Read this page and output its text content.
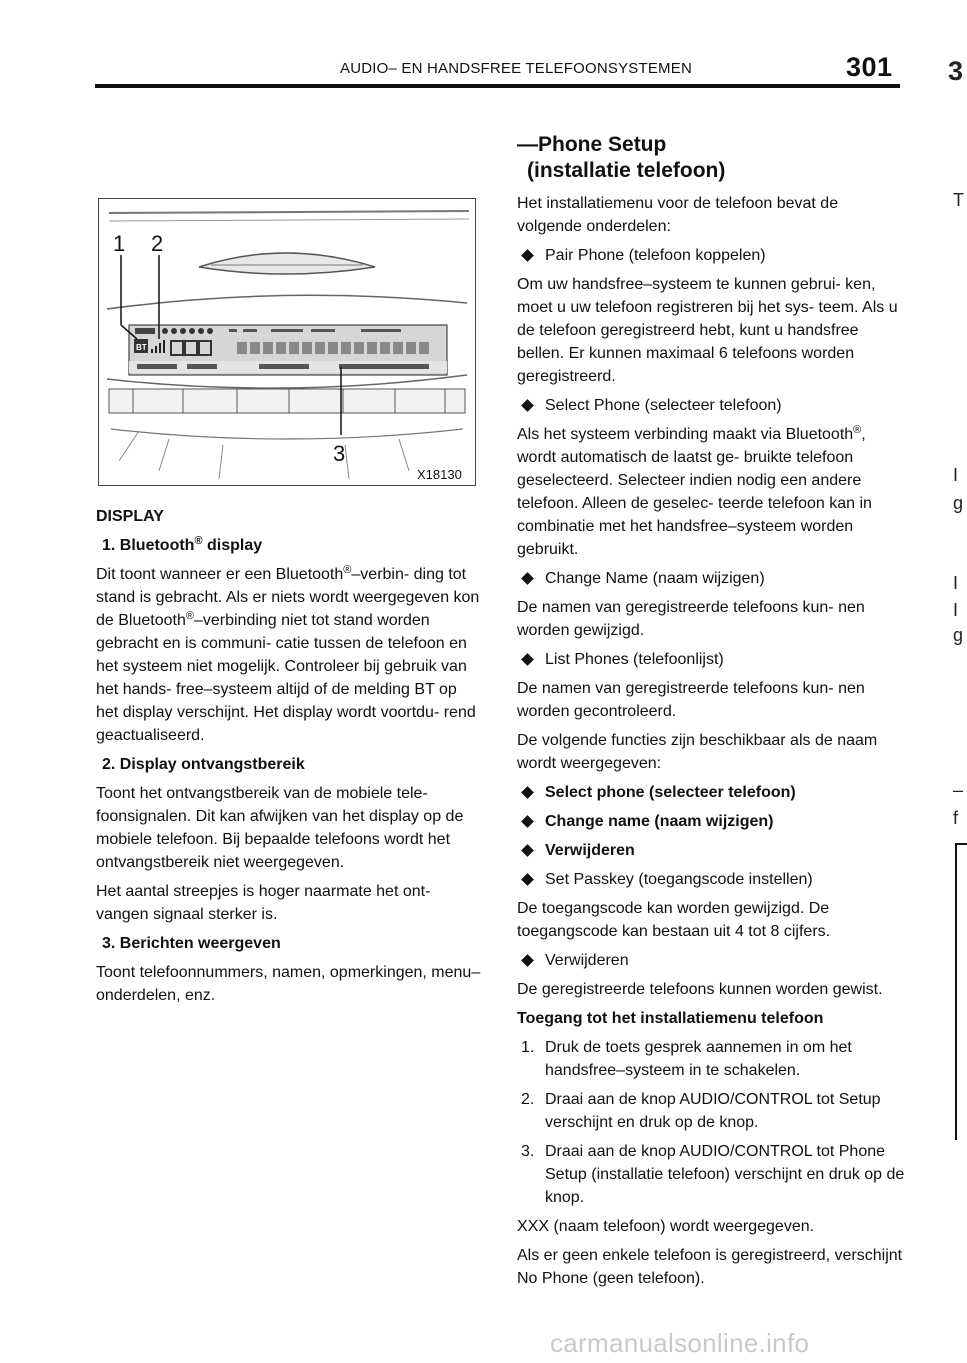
AUDIO– EN HANDSFREE TELEFOONSYSTEMEN	301 3
T
I
g
I
I
g
–
f
BT
1 2
3
X18130

DISPLAY

1. Bluetooth® display

Dit toont wanneer er een Bluetooth®–verbin- ding tot stand is gebracht. Als er niets wordt weergegeven kon de Bluetooth®–verbinding niet tot stand worden gebracht en is communi- catie tussen de telefoon en het systeem niet mogelijk. Controleer bij gebruik van het hands- free–systeem altijd of de melding BT op het display verschijnt. Het display wordt voortdu- rend geactualiseerd.

2. Display ontvangstbereik

Toont het ontvangstbereik van de mobiele tele- foonsignalen. Dit kan afwijken van het display op de mobiele telefoon. Bij bepaalde telefoons wordt het ontvangstbereik niet weergegeven.

Het aantal streepjes is hoger naarmate het ont- vangen signaal sterker is.

3. Berichten weergeven

Toont telefoonnummers, namen, opmerkingen, menu–onderdelen, enz.

—Phone Setup
(installatie telefoon)

Het installatiemenu voor de telefoon bevat de volgende onderdelen:

Pair Phone (telefoon koppelen)

Om uw handsfree–systeem te kunnen gebrui- ken, moet u uw telefoon registreren bij het sys- teem. Als u de telefoon geregistreerd hebt, kunt u handsfree bellen. Er kunnen maximaal 6 telefoons worden geregistreerd.

Select Phone (selecteer telefoon)

Als het systeem verbinding maakt via Bluetooth®, wordt automatisch de laatst ge- bruikte telefoon geselecteerd. Selecteer indien nodig een andere telefoon. Alleen de geselec- teerde telefoon kan in combinatie met het handsfree–systeem worden gebruikt.

Change Name (naam wijzigen)

De namen van geregistreerde telefoons kun- nen worden gewijzigd.

List Phones (telefoonlijst)

De namen van geregistreerde telefoons kun- nen worden gecontroleerd.

De volgende functies zijn beschikbaar als de naam wordt weergegeven:

Select phone (selecteer telefoon)
Change name (naam wijzigen)
Verwijderen
Set Passkey (toegangscode instellen)

De toegangscode kan worden gewijzigd. De toegangscode kan bestaan uit 4 tot 8 cijfers.

Verwijderen

De geregistreerde telefoons kunnen worden gewist.

Toegang tot het installatiemenu telefoon

1. Druk de toets gesprek aannemen in om het handsfree–systeem in te schakelen.
2. Draai aan de knop AUDIO/CONTROL tot Setup verschijnt en druk op de knop.
3. Draai aan de knop AUDIO/CONTROL tot Phone Setup (installatie telefoon) verschijnt en druk op de knop.

XXX (naam telefoon) wordt weergegeven.

Als er geen enkele telefoon is geregistreerd, verschijnt No Phone (geen telefoon).

carmanualsonline.info
